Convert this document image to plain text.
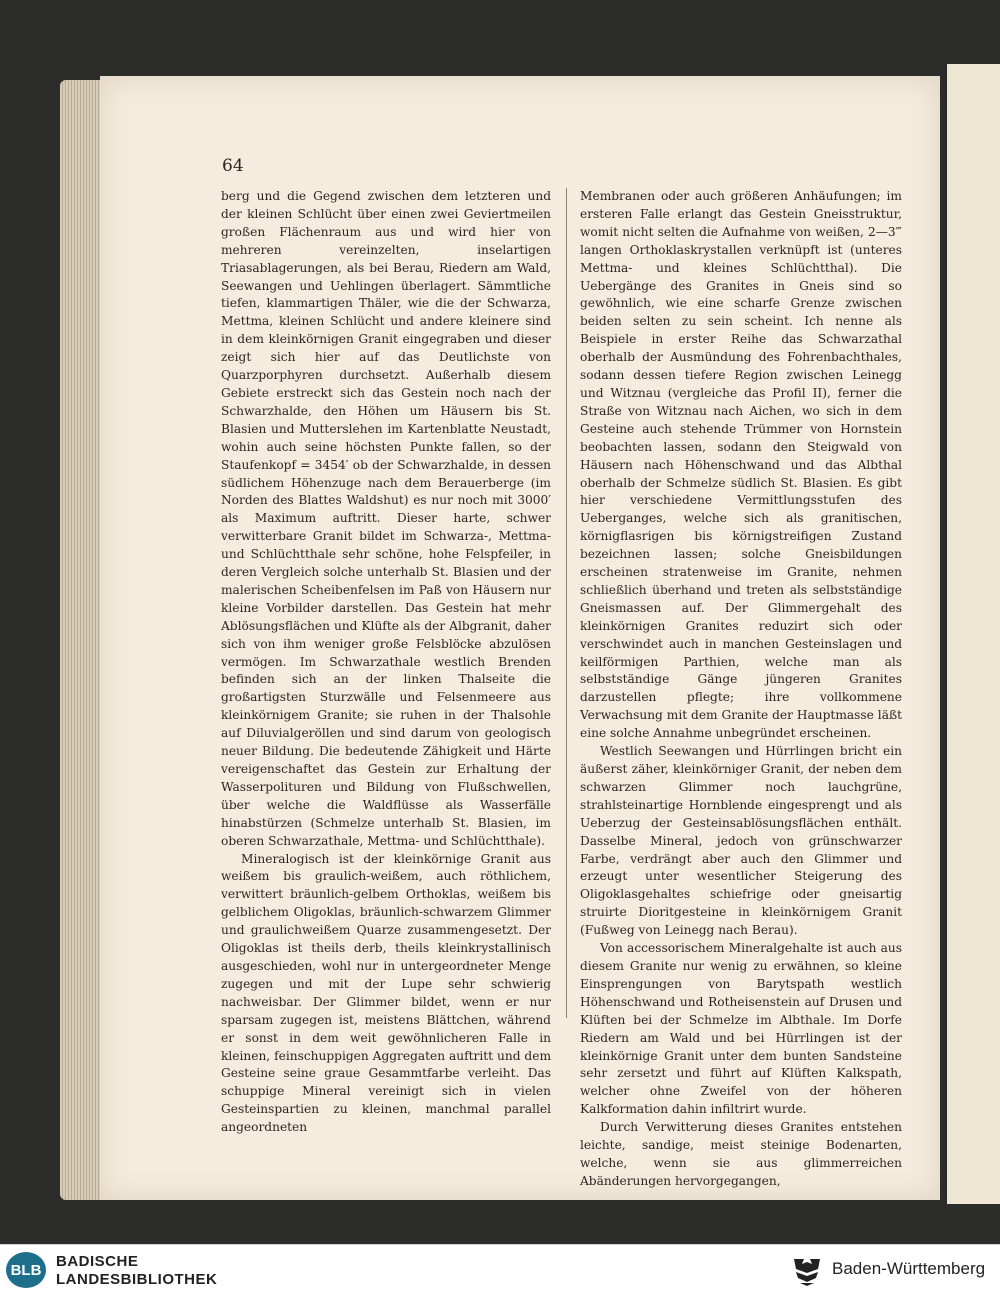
64

berg und die Gegend zwischen dem letzteren und der kleinen Schlücht über einen zwei Geviertmeilen großen Flächenraum aus und wird hier von mehreren vereinzelten, inselartigen Triasablagerungen, als bei Berau, Riedern am Wald, Seewangen und Uehlingen überlagert. Sämmtliche tiefen, klammartigen Thäler, wie die der Schwarza, Mettma, kleinen Schlücht und andere kleinere sind in dem kleinkörnigen Granit eingegraben und dieser zeigt sich hier auf das Deutlichste von Quarzporphyren durchsetzt. Außerhalb diesem Gebiete erstreckt sich das Gestein noch nach der Schwarzhalde, den Höhen um Häusern bis St. Blasien und Mutterslehen im Kartenblatte Neustadt, wohin auch seine höchsten Punkte fallen, so der Staufenkopf = 3454′ ob der Schwarzhalde, in dessen südlichem Höhenzuge nach dem Berauerberge (im Norden des Blattes Waldshut) es nur noch mit 3000′ als Maximum auftritt. Dieser harte, schwer verwitterbare Granit bildet im Schwarza-, Mettma- und Schlüchtthale sehr schöne, hohe Felspfeiler, in deren Vergleich solche unterhalb St. Blasien und der malerischen Scheibenfelsen im Paß von Häusern nur kleine Vorbilder darstellen. Das Gestein hat mehr Ablösungsflächen und Klüfte als der Albgranit, daher sich von ihm weniger große Felsblöcke abzulösen vermögen. Im Schwarzathale westlich Brenden befinden sich an der linken Thalseite die großartigsten Sturzwälle und Felsenmeere aus kleinkörnigem Granite; sie ruhen in der Thalsohle auf Diluvialgeröllen und sind darum von geologisch neuer Bildung. Die bedeutende Zähigkeit und Härte vereigenschaftet das Gestein zur Erhaltung der Wasserpolituren und Bildung von Flußschwellen, über welche die Waldflüsse als Wasserfälle hinabstürzen (Schmelze unterhalb St. Blasien, im oberen Schwarzathale, Mettma- und Schlüchtthale).

Mineralogisch ist der kleinkörnige Granit aus weißem bis graulich-weißem, auch röthlichem, verwittert bräunlich-gelbem Orthoklas, weißem bis gelblichem Oligoklas, bräunlich-schwarzem Glimmer und graulichweißem Quarze zusammengesetzt. Der Oligoklas ist theils derb, theils kleinkrystallinisch ausgeschieden, wohl nur in untergeordneter Menge zugegen und mit der Lupe sehr schwierig nachweisbar. Der Glimmer bildet, wenn er nur sparsam zugegen ist, meistens Blättchen, während er sonst in dem weit gewöhnlicheren Falle in kleinen, feinschuppigen Aggregaten auftritt und dem Gesteine seine graue Gesammtfarbe verleiht. Das schuppige Mineral vereinigt sich in vielen Gesteinspartien zu kleinen, manchmal parallel angeordneten

Membranen oder auch größeren Anhäufungen; im ersteren Falle erlangt das Gestein Gneisstruktur, womit nicht selten die Aufnahme von weißen, 2—3‴ langen Orthoklaskrystallen verknüpft ist (unteres Mettma- und kleines Schlüchtthal). Die Uebergänge des Granites in Gneis sind so gewöhnlich, wie eine scharfe Grenze zwischen beiden selten zu sein scheint. Ich nenne als Beispiele in erster Reihe das Schwarzathal oberhalb der Ausmündung des Fohrenbachthales, sodann dessen tiefere Region zwischen Leinegg und Witznau (vergleiche das Profil II), ferner die Straße von Witznau nach Aichen, wo sich in dem Gesteine auch stehende Trümmer von Hornstein beobachten lassen, sodann den Steigwald von Häusern nach Höhenschwand und das Albthal oberhalb der Schmelze südlich St. Blasien. Es gibt hier verschiedene Vermittlungsstufen des Ueberganges, welche sich als granitischen, körnigflasrigen bis körnigstreifigen Zustand bezeichnen lassen; solche Gneisbildungen erscheinen stratenweise im Granite, nehmen schließlich überhand und treten als selbstständige Gneismassen auf. Der Glimmergehalt des kleinkörnigen Granites reduzirt sich oder verschwindet auch in manchen Gesteinslagen und keilförmigen Parthien, welche man als selbstständige Gänge jüngeren Granites darzustellen pflegte; ihre vollkommene Verwachsung mit dem Granite der Hauptmasse läßt eine solche Annahme unbegründet erscheinen.

Westlich Seewangen und Hürrlingen bricht ein äußerst zäher, kleinkörniger Granit, der neben dem schwarzen Glimmer noch lauchgrüne, strahlsteinartige Hornblende eingesprengt und als Ueberzug der Gesteinsablösungsflächen enthält. Dasselbe Mineral, jedoch von grünschwarzer Farbe, verdrängt aber auch den Glimmer und erzeugt unter wesentlicher Steigerung des Oligoklasgehaltes schiefrige oder gneisartig struirte Dioritgesteine in kleinkörnigem Granit (Fußweg von Leinegg nach Berau).

Von accessorischem Mineralgehalte ist auch aus diesem Granite nur wenig zu erwähnen, so kleine Einsprengungen von Barytspath westlich Höhenschwand und Rotheisenstein auf Drusen und Klüften bei der Schmelze im Albthale. Im Dorfe Riedern am Wald und bei Hürrlingen ist der kleinkörnige Granit unter dem bunten Sandsteine sehr zersetzt und führt auf Klüften Kalkspath, welcher ohne Zweifel von der höheren Kalkformation dahin infiltrirt wurde.

Durch Verwitterung dieses Granites entstehen leichte, sandige, meist steinige Bodenarten, welche, wenn sie aus glimmerreichen Abänderungen hervorgegangen,

BLB BADISCHE
LANDESBIBLIOTHEK
Baden-Württemberg
